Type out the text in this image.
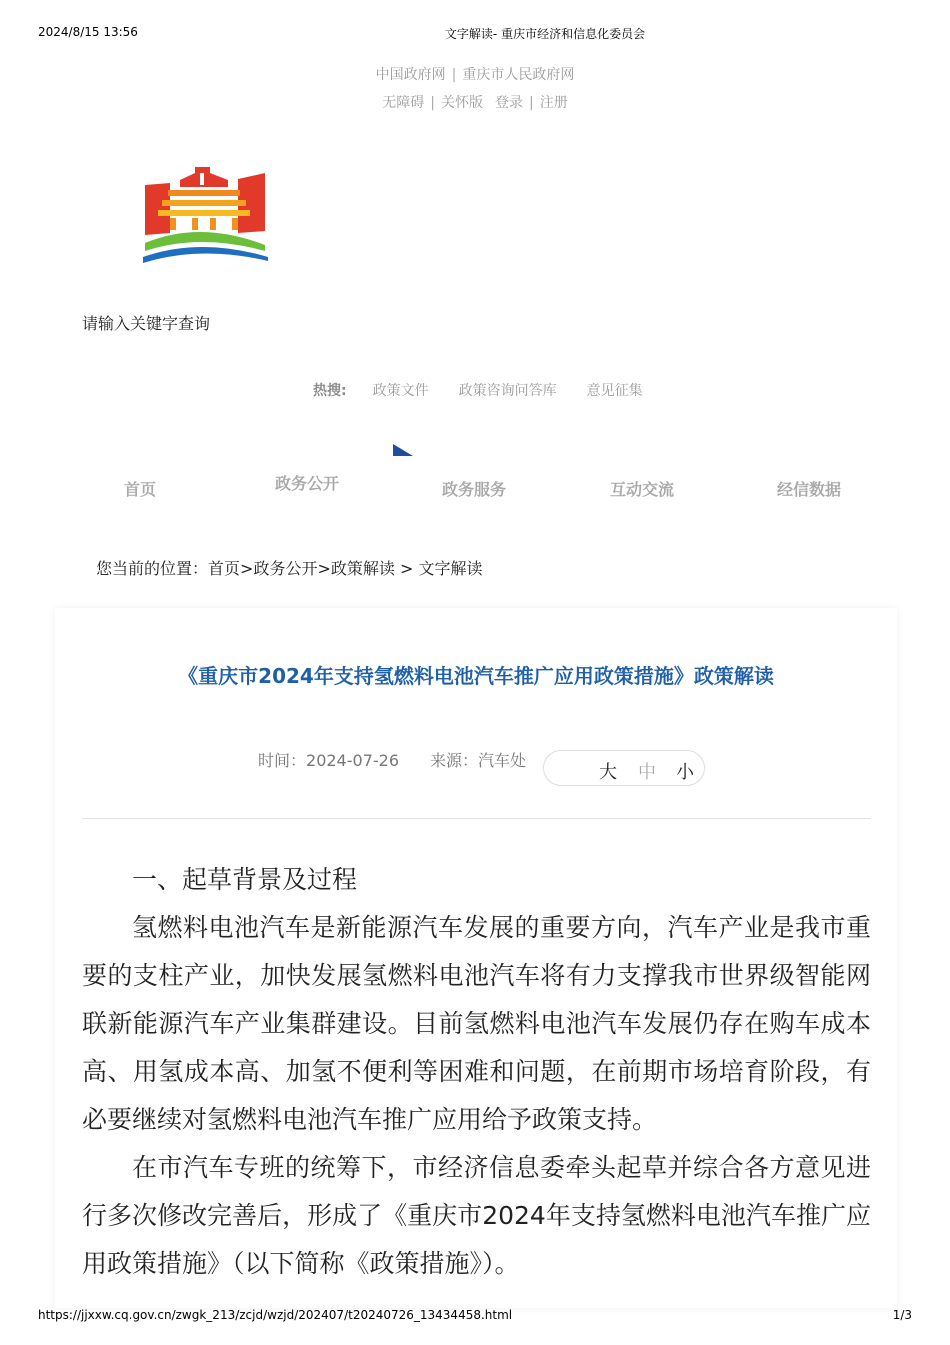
2024/8/15 13:56	文字解读- 重庆市经济和信息化委员会
中国政府网 | 重庆市人民政府网
无障碍 | 关怀版 登录 | 注册
请输入关键字查询
热搜: 政策文件 政策咨询问答库 意见征集
首页	政务公开	政务服务	互动交流	经信数据
您当前的位置：首页>政务公开>政策解读 > 文字解读
《重庆市2024年支持氢燃料电池汽车推广应用政策措施》政策解读
时间：2024-07-26 来源：汽车处
大 中 小

一、起草背景及过程

氢燃料电池汽车是新能源汽车发展的重要方向，汽车产业是我市重要的支柱产业，加快发展氢燃料电池汽车将有力支撑我市世界级智能网联新能源汽车产业集群建设。目前氢燃料电池汽车发展仍存在购车成本高、用氢成本高、加氢不便利等困难和问题，在前期市场培育阶段，有必要继续对氢燃料电池汽车推广应用给予政策支持。

在市汽车专班的统筹下，市经济信息委牵头起草并综合各方意见进行多次修改完善后，形成了《重庆市2024年支持氢燃料电池汽车推广应用政策措施》（以下简称《政策措施》）。

https://jjxxw.cq.gov.cn/zwgk_213/zcjd/wzjd/202407/t20240726_13434458.html	1/3
